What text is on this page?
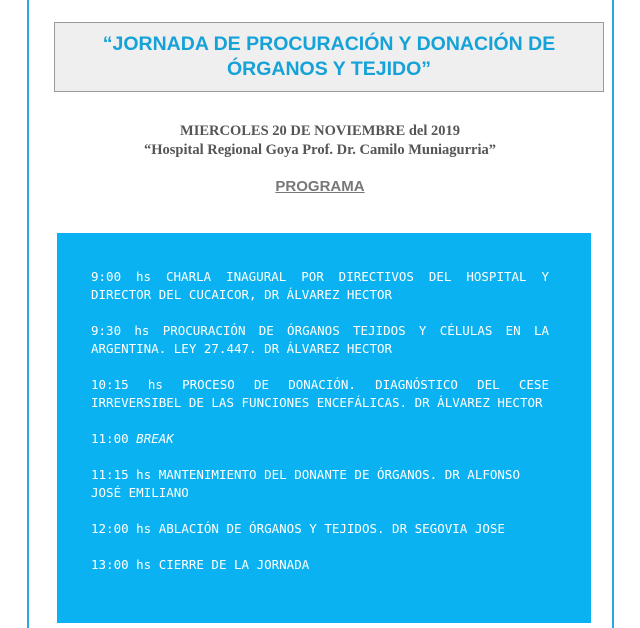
“JORNADA DE PROCURACIÓN Y DONACIÓN DE ÓRGANOS Y TEJIDO”
MIERCOLES 20 DE NOVIEMBRE del 2019
“Hospital Regional Goya Prof. Dr. Camilo Muniagurria”
PROGRAMA

9:00 hs CHARLA INAGURAL POR DIRECTIVOS DEL HOSPITAL Y DIRECTOR DEL CUCAICOR, DR ÁLVAREZ HECTOR

9:30 hs PROCURACIÓN DE ÓRGANOS TEJIDOS Y CÉLULAS EN LA ARGENTINA. LEY 27.447. DR ÁLVAREZ HECTOR

10:15 hs PROCESO DE DONACIÓN. DIAGNÓSTICO DEL CESE IRREVERSIBEL DE LAS FUNCIONES ENCEFÁLICAS. DR ÁLVAREZ HECTOR

11:00 BREAK

11:15 hs MANTENIMIENTO DEL DONANTE DE ÓRGANOS. DR ALFONSO JOSÉ EMILIANO

12:00 hs ABLACIÓN DE ÓRGANOS Y TEJIDOS. DR SEGOVIA JOSE

13:00 hs CIERRE DE LA JORNADA
